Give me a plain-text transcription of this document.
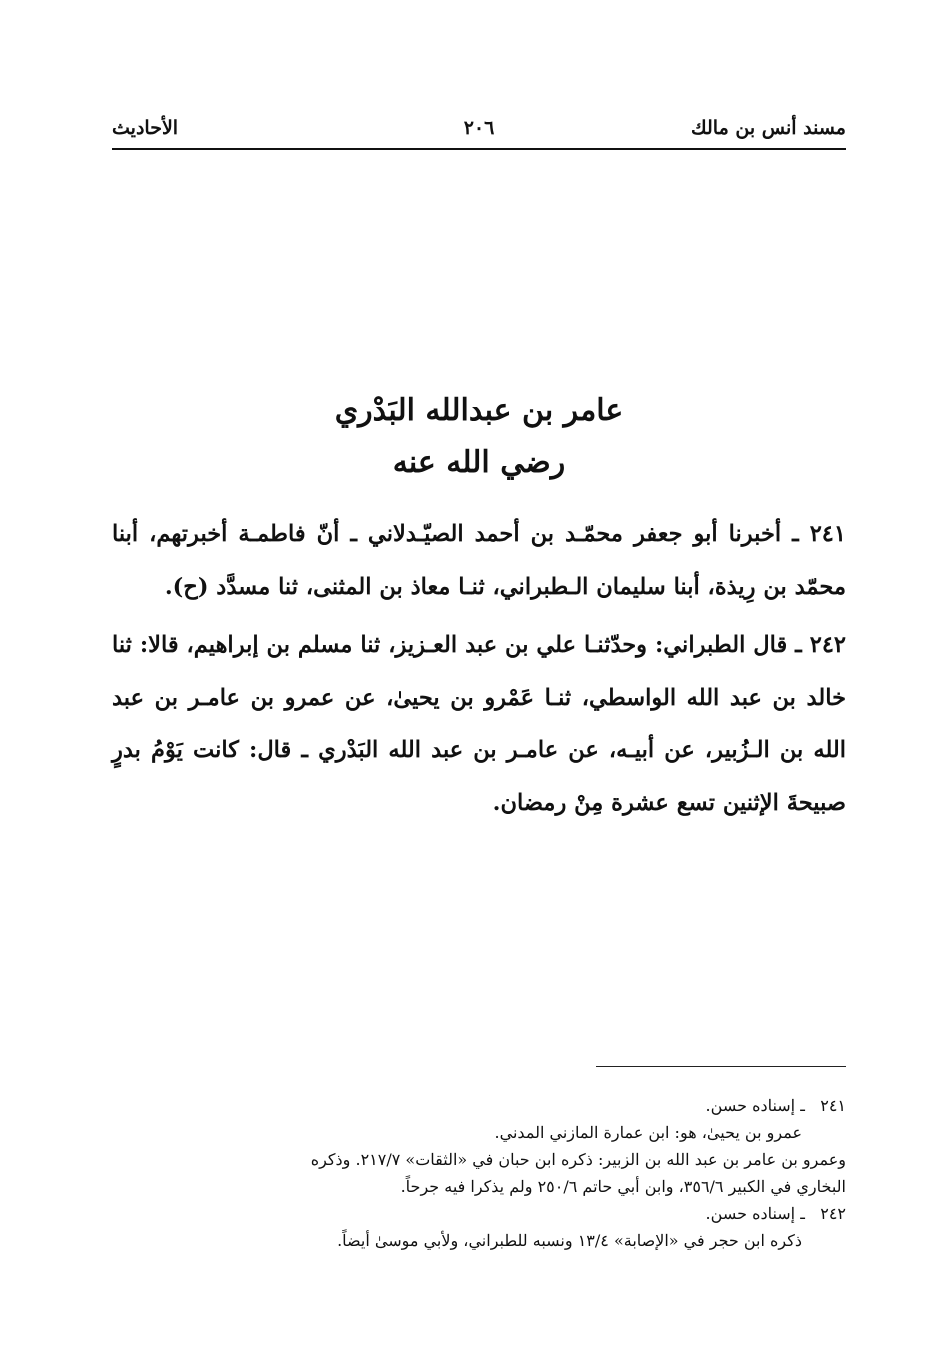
مسند أنس بن مالك
٢٠٦
الأحاديث
عامر بن عبدالله البَدْري
رضي الله عنه

٢٤١ ـ أخبرنا أبو جعفر محمّـد بن أحمد الصيّـدلاني ـ أنّ فاطمـة أخبرتهم، أبنا محمّد بن رِيذة، أبنا سليمان الـطبراني، ثنـا معاذ بن المثنى، ثنا مسدَّد (ح).

٢٤٢ ـ قال الطبراني: وحدّثنـا علي بن عبد العـزيز، ثنا مسلم بن إبراهيم، قالا: ثنا خالد بن عبد الله الواسطي، ثنـا عَمْرو بن يحيىٰ، عن عمرو بن عامـر بن عبد الله بن الـزُبير، عن أبيـه، عن عامـر بن عبد الله البَدْري ـ قال: كانت يَوْمُ بدرٍ صبيحةَ الإثنين تسع عشرة مِنْ رمضان.

٢٤١ ـ إسناده حسن.
عمرو بن يحيىٰ، هو: ابن عمارة المازني المدني.
وعمرو بن عامر بن عبد الله بن الزبير: ذكره ابن حبان في «الثقات» ٢١٧/٧. وذكره
البخاري في الكبير ٣٥٦/٦، وابن أبي حاتم ٢٥٠/٦ ولم يذكرا فيه جرحاً.
٢٤٢ ـ إسناده حسن.
ذكره ابن حجر في «الإصابة» ١٣/٤ ونسبه للطبراني، ولأبي موسىٰ أيضاً.
